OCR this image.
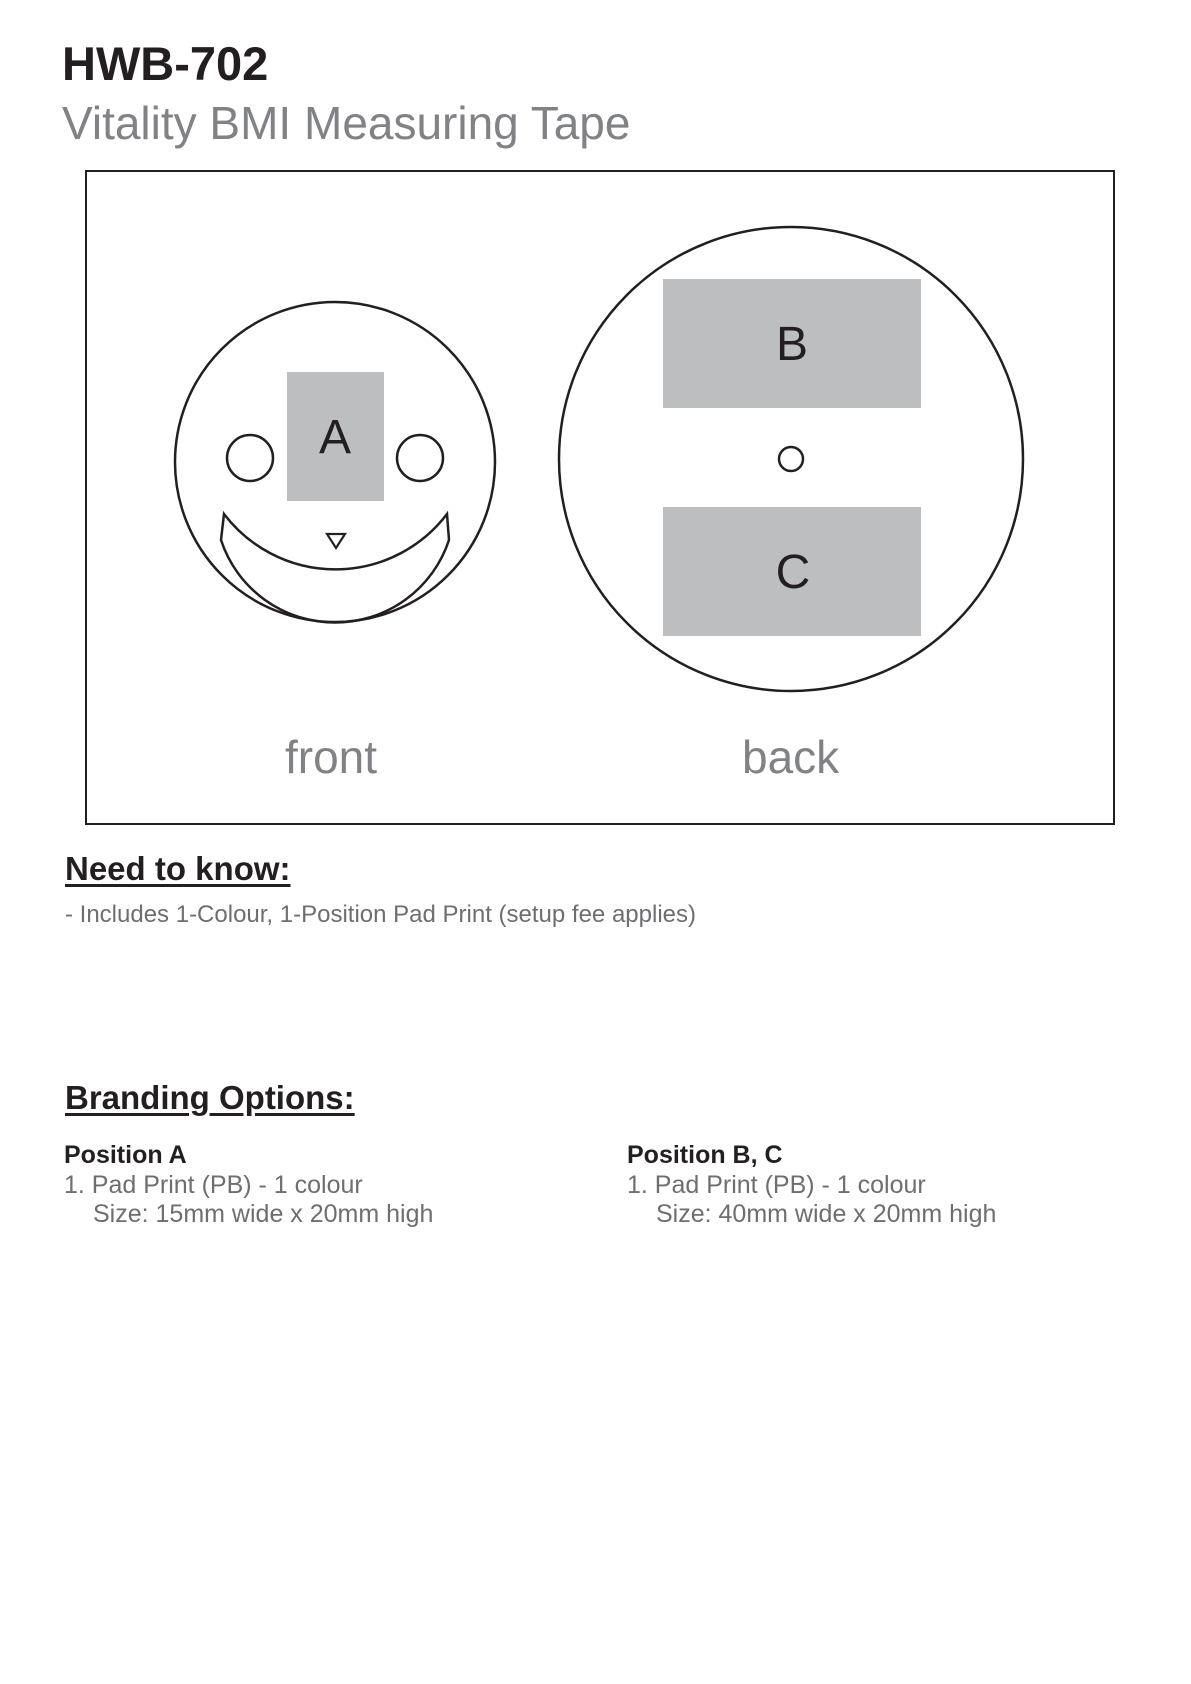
HWB-702
Vitality BMI Measuring Tape
A
B
C
front	back
Need to know:
- Includes 1-Colour, 1-Position Pad Print (setup fee applies)
Branding Options:
Position A
1. Pad Print (PB) - 1 colour
Size: 15mm wide x 20mm high
Position B, C
1. Pad Print (PB) - 1 colour
Size: 40mm wide x 20mm high
